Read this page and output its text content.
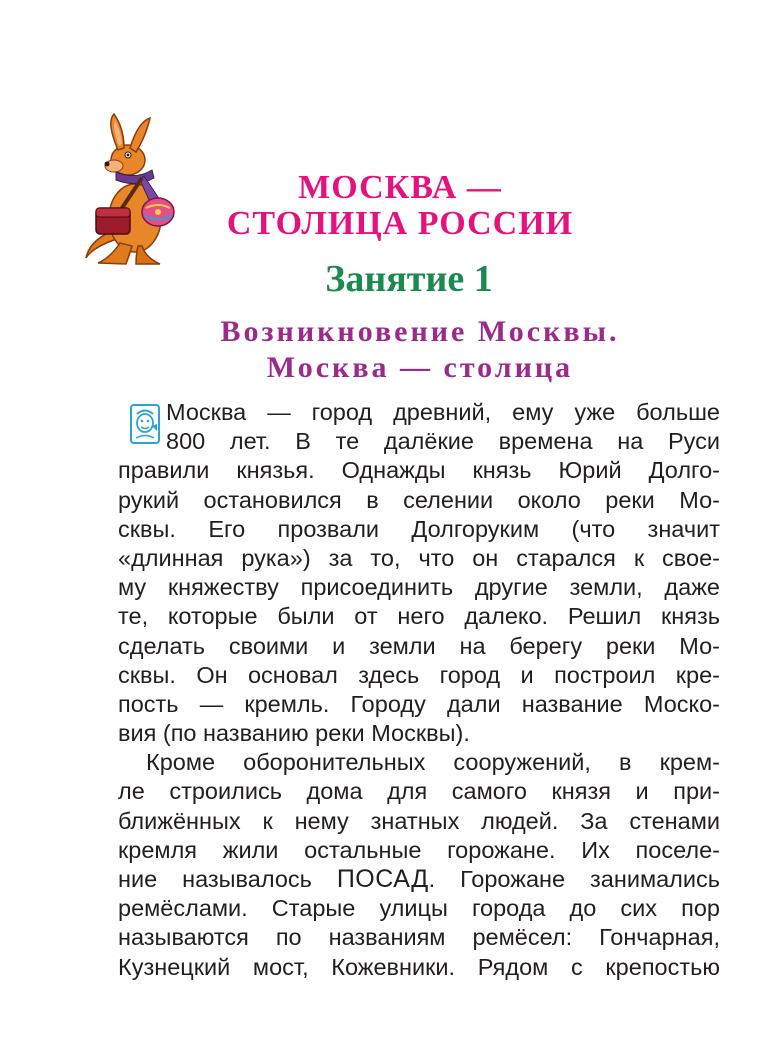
МОСКВА —
СТОЛИЦА РОССИИ
Занятие 1
Возникновение Москвы.
Москва — столица
Москва — город древний, ему уже больше
800 лет. В те далёкие времена на Руси
правили князья. Однажды князь Юрий Долго-
рукий остановился в селении около реки Мо-
сквы. Его прозвали Долгоруким (что значит
«длинная рука») за то, что он старался к свое-
му княжеству присоединить другие земли, даже
те, которые были от него далеко. Решил князь
сделать своими и земли на берегу реки Мо-
сквы. Он основал здесь город и построил кре-
пость — кремль. Городу дали название Моско-
вия (по названию реки Москвы).
Кроме оборонительных сооружений, в крем-
ле строились дома для самого князя и при-
ближённых к нему знатных людей. За стенами
кремля жили остальные горожане. Их поселе-
ние называлось ПОСАД. Горожане занимались
ремёслами. Старые улицы города до сих пор
называются по названиям ремёсел: Гончарная,
Кузнецкий мост, Кожевники. Рядом с крепостью
